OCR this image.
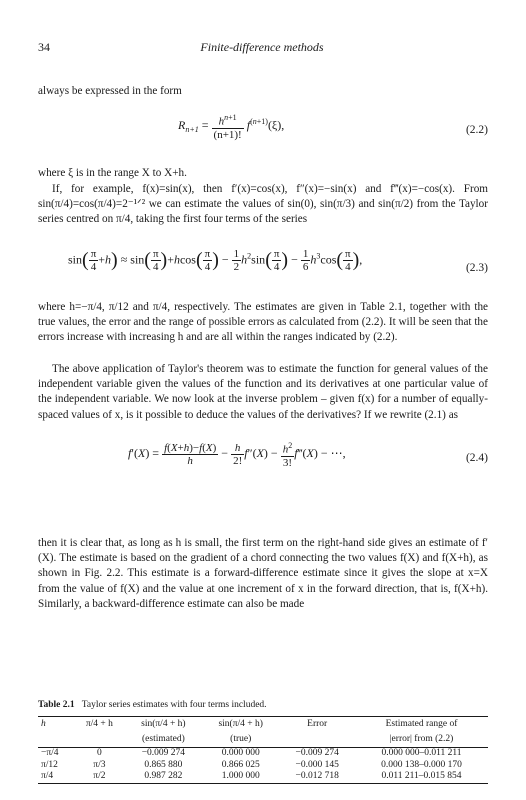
34	Finite-difference methods

always be expressed in the form

$R_{n+1} = \frac{h^{n+1}}{(n+1)!} f^{(n+1)}(\xi)$,	(2.2)

where ξ is in the range X to X+h.

If, for example, f(x)=sin(x), then f′(x)=cos(x), f″(x)=−sin(x) and f‴(x)=−cos(x). From sin(π/4)=cos(π/4)=2⁻¹ᐟ² we can estimate the values of sin(0), sin(π/3) and sin(π/2) from the Taylor series centred on π/4, taking the first four terms of the series

$\sin( \frac{\pi}{4} +h) \approx \sin( \frac{\pi}{4} )+hcos( \frac{\pi}{4}$ ) − $\frac{1}{2} h^2\sin( \frac{\pi}{4}$ ) − $\frac{1}{6} h^3\cos( \frac{\pi}{4}$ ),
(2.3)

where h=−π/4, π/12 and π/4, respectively. The estimates are given in Table 2.1, together with the true values, the error and the range of possible errors as calculated from (2.2). It will be seen that the errors increase with increasing h and are all within the ranges indicated by (2.2).

The above application of Taylor's theorem was to estimate the function for general values of the independent variable given the values of the function and its derivatives at one particular value of the independent variable. We now look at the inverse problem – given f(x) for a number of equally-spaced values of x, is it possible to deduce the values of the derivatives? If we rewrite (2.1) as

$f'(X) = \frac{f(X+h)-f(X)}{h} - \frac{h}{2!} f''(X) - \frac{h^2}{3!}$ f‴(X) − ⋯,	(2.4)

then it is clear that, as long as h is small, the first term on the right-hand side gives an estimate of f′(X). The estimate is based on the gradient of a chord connecting the two values f(X) and f(X+h), as shown in Fig. 2.2. This estimate is a forward-difference estimate since it gives the slope at x=X from the value of f(X) and the value at one increment of x in the forward direction, that is, f(X+h). Similarly, a backward-difference estimate can also be made

Table 2.1 Taylor series estimates with four terms included.
h	π/4 + h	sin(π/4 + h)	sin(π/4 + h)	Error	Estimated range of
		(estimated)	(true)		|error| from (2.2)
−π/4	0	−0.009 274	0.000 000	−0.009 274	0.000 000–0.011 211
π/12	π/3	0.865 880	0.866 025	−0.000 145	0.000 138–0.000 170
π/4	π/2	0.987 282	1.000 000	−0.012 718	0.011 211–0.015 854
